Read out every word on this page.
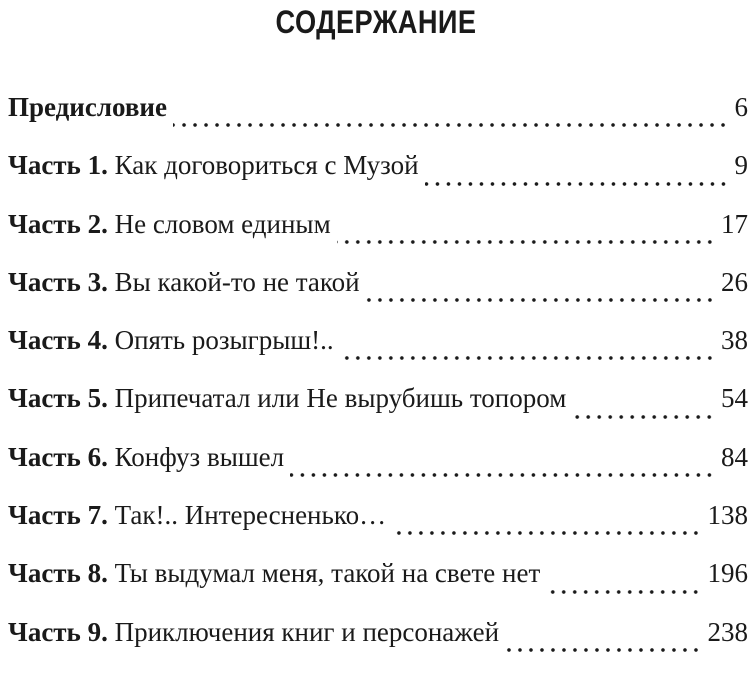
СОДЕРЖАНИЕ
Предисловие	6
Часть 1. Как договориться с Музой	9
Часть 2. Не словом единым	17
Часть 3. Вы какой-то не такой	26
Часть 4. Опять розыгрыш!..	38
Часть 5. Припечатал или Не вырубишь топором	54
Часть 6. Конфуз вышел	84
Часть 7. Так!.. Интересненько…	138
Часть 8. Ты выдумал меня, такой на свете нет	196
Часть 9. Приключения книг и персонажей	238
